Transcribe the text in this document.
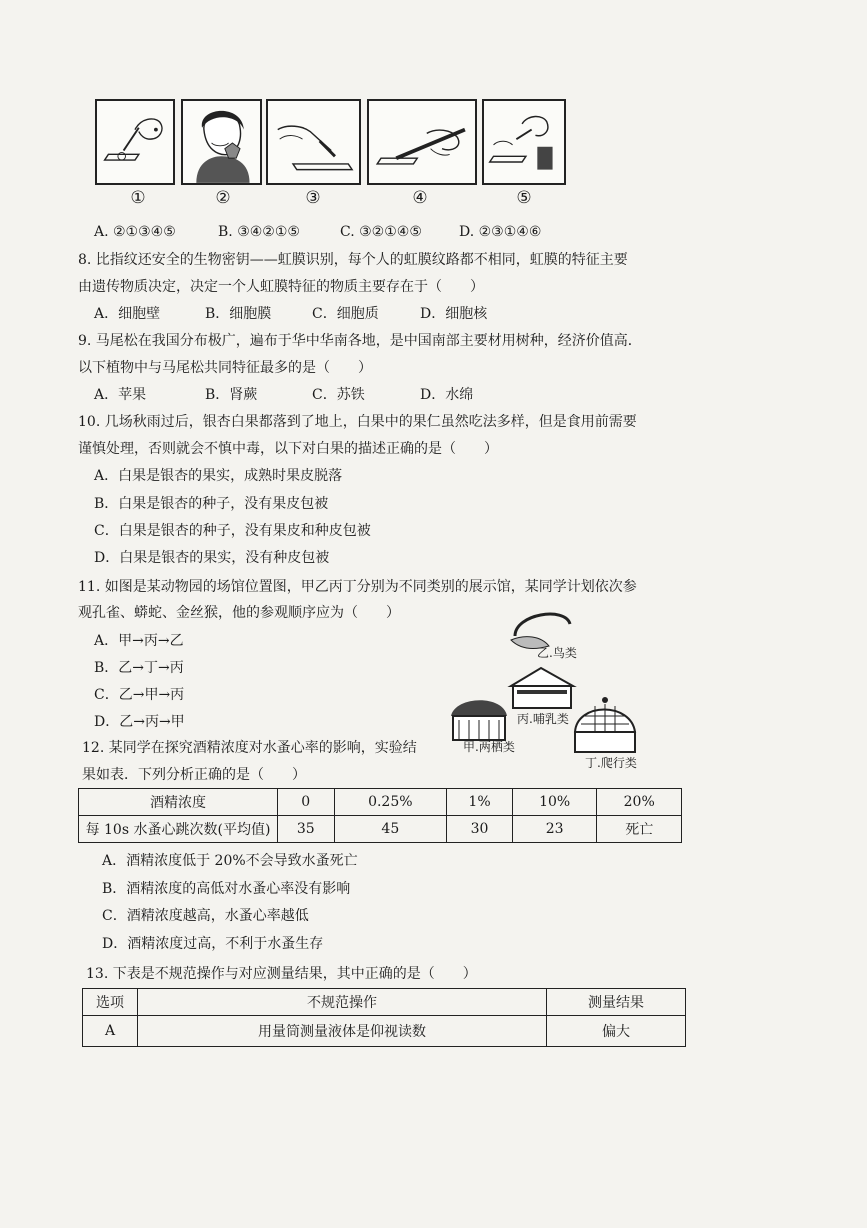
①	②	③	④	⑤
A. ②①③④⑤	B. ③④②①⑤	C. ③②①④⑤	D. ②③①④⑥
8. 比指纹还安全的生物密钥——虹膜识别，每个人的虹膜纹路都不相同，虹膜的特征主要
由遗传物质决定，决定一个人虹膜特征的物质主要存在于（　　）
A．细胞壁	B．细胞膜	C．细胞质	D．细胞核
9. 马尾松在我国分布极广，遍布于华中华南各地，是中国南部主要材用树种，经济价值高．
以下植物中与马尾松共同特征最多的是（　　）
A．苹果	B．肾蕨	C．苏铁	D．水绵
10. 几场秋雨过后，银杏白果都落到了地上，白果中的果仁虽然吃法多样，但是食用前需要
谨慎处理，否则就会不慎中毒，以下对白果的描述正确的是（　　）
A．白果是银杏的果实，成熟时果皮脱落
B．白果是银杏的种子，没有果皮包被
C．白果是银杏的种子，没有果皮和种皮包被
D．白果是银杏的果实，没有种皮包被
11. 如图是某动物园的场馆位置图，甲乙丙丁分别为不同类别的展示馆，某同学计划依次参
观孔雀、蟒蛇、金丝猴，他的参观顺序应为（　　）
A．甲→丙→乙
B．乙→丁→丙
C．乙→甲→丙
D．乙→丙→甲
乙.鸟类
丙.哺乳类
甲.两栖类
丁.爬行类
12. 某同学在探究酒精浓度对水蚤心率的影响，实验结
果如表．下列分析正确的是（　　）
酒精浓度	0	0.25%	1%	10%	20%
每 10s 水蚤心跳次数(平均值)	35	45	30	23	死亡
A．酒精浓度低于 20%不会导致水蚤死亡
B．酒精浓度的高低对水蚤心率没有影响
C．酒精浓度越高，水蚤心率越低
D．酒精浓度过高，不利于水蚤生存
13. 下表是不规范操作与对应测量结果，其中正确的是（　　）
选项	不规范操作	测量结果
A	用量筒测量液体是仰视读数	偏大
